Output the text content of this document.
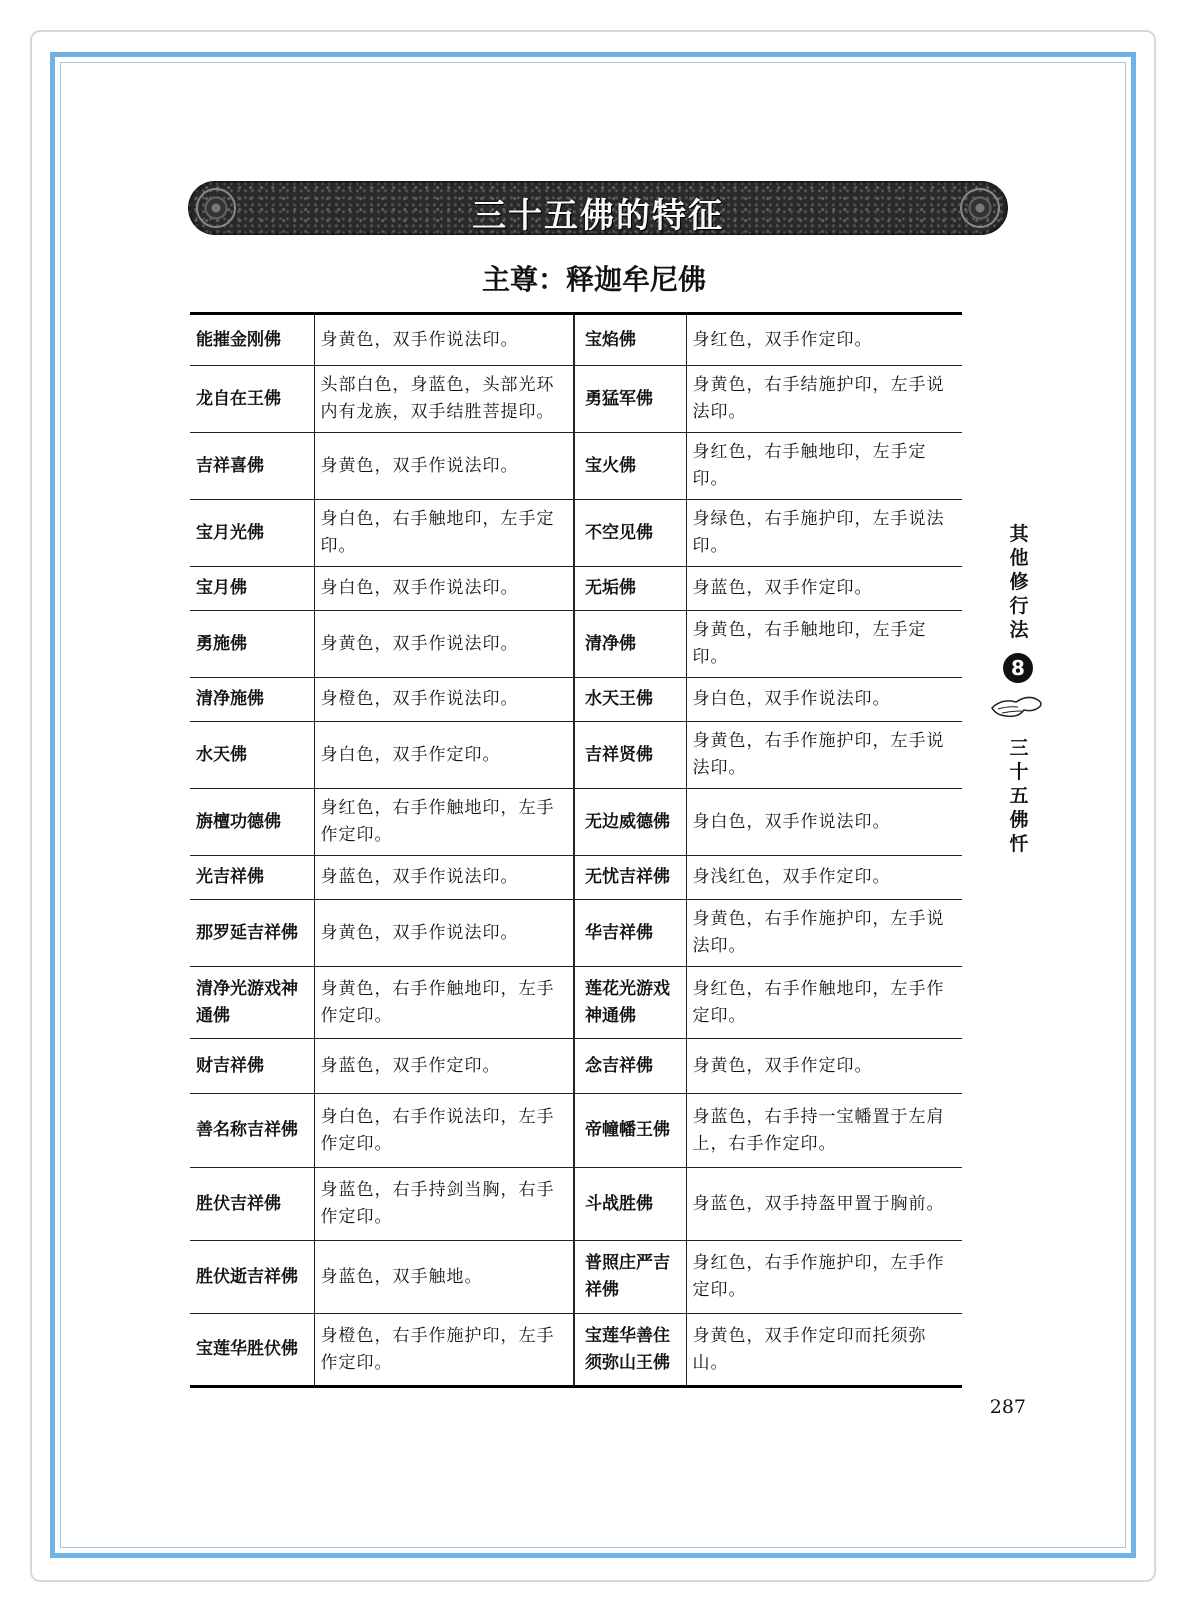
三十五佛的特征
主尊：释迦牟尼佛
能摧金刚佛	身黄色，双手作说法印。	宝焰佛	身红色，双手作定印。
龙自在王佛	头部白色，身蓝色，头部光环内有龙族，双手结胜菩提印。	勇猛军佛	身黄色，右手结施护印，左手说法印。
吉祥喜佛	身黄色，双手作说法印。	宝火佛	身红色，右手触地印，左手定印。
宝月光佛	身白色，右手触地印，左手定印。	不空见佛	身绿色，右手施护印，左手说法印。
宝月佛	身白色，双手作说法印。	无垢佛	身蓝色，双手作定印。
勇施佛	身黄色，双手作说法印。	清净佛	身黄色，右手触地印，左手定印。
清净施佛	身橙色，双手作说法印。	水天王佛	身白色，双手作说法印。
水天佛	身白色，双手作定印。	吉祥贤佛	身黄色，右手作施护印，左手说法印。
旃檀功德佛	身红色，右手作触地印，左手作定印。	无边威德佛	身白色，双手作说法印。
光吉祥佛	身蓝色，双手作说法印。	无忧吉祥佛	身浅红色，双手作定印。
那罗延吉祥佛	身黄色，双手作说法印。	华吉祥佛	身黄色，右手作施护印，左手说法印。
清净光游戏神通佛	身黄色，右手作触地印，左手作定印。	莲花光游戏神通佛	身红色，右手作触地印，左手作定印。
财吉祥佛	身蓝色，双手作定印。	念吉祥佛	身黄色，双手作定印。
善名称吉祥佛	身白色，右手作说法印，左手作定印。	帝幢幡王佛	身蓝色，右手持一宝幡置于左肩上，右手作定印。
胜伏吉祥佛	身蓝色，右手持剑当胸，右手作定印。	斗战胜佛	身蓝色，双手持盔甲置于胸前。
胜伏逝吉祥佛	身蓝色，双手触地。	普照庄严吉祥佛	身红色，右手作施护印，左手作定印。
宝莲华胜伏佛	身橙色，右手作施护印，左手作定印。	宝莲华善住须弥山王佛	身黄色，双手作定印而托须弥山。
其他修行法
8
三十五佛忏
287
